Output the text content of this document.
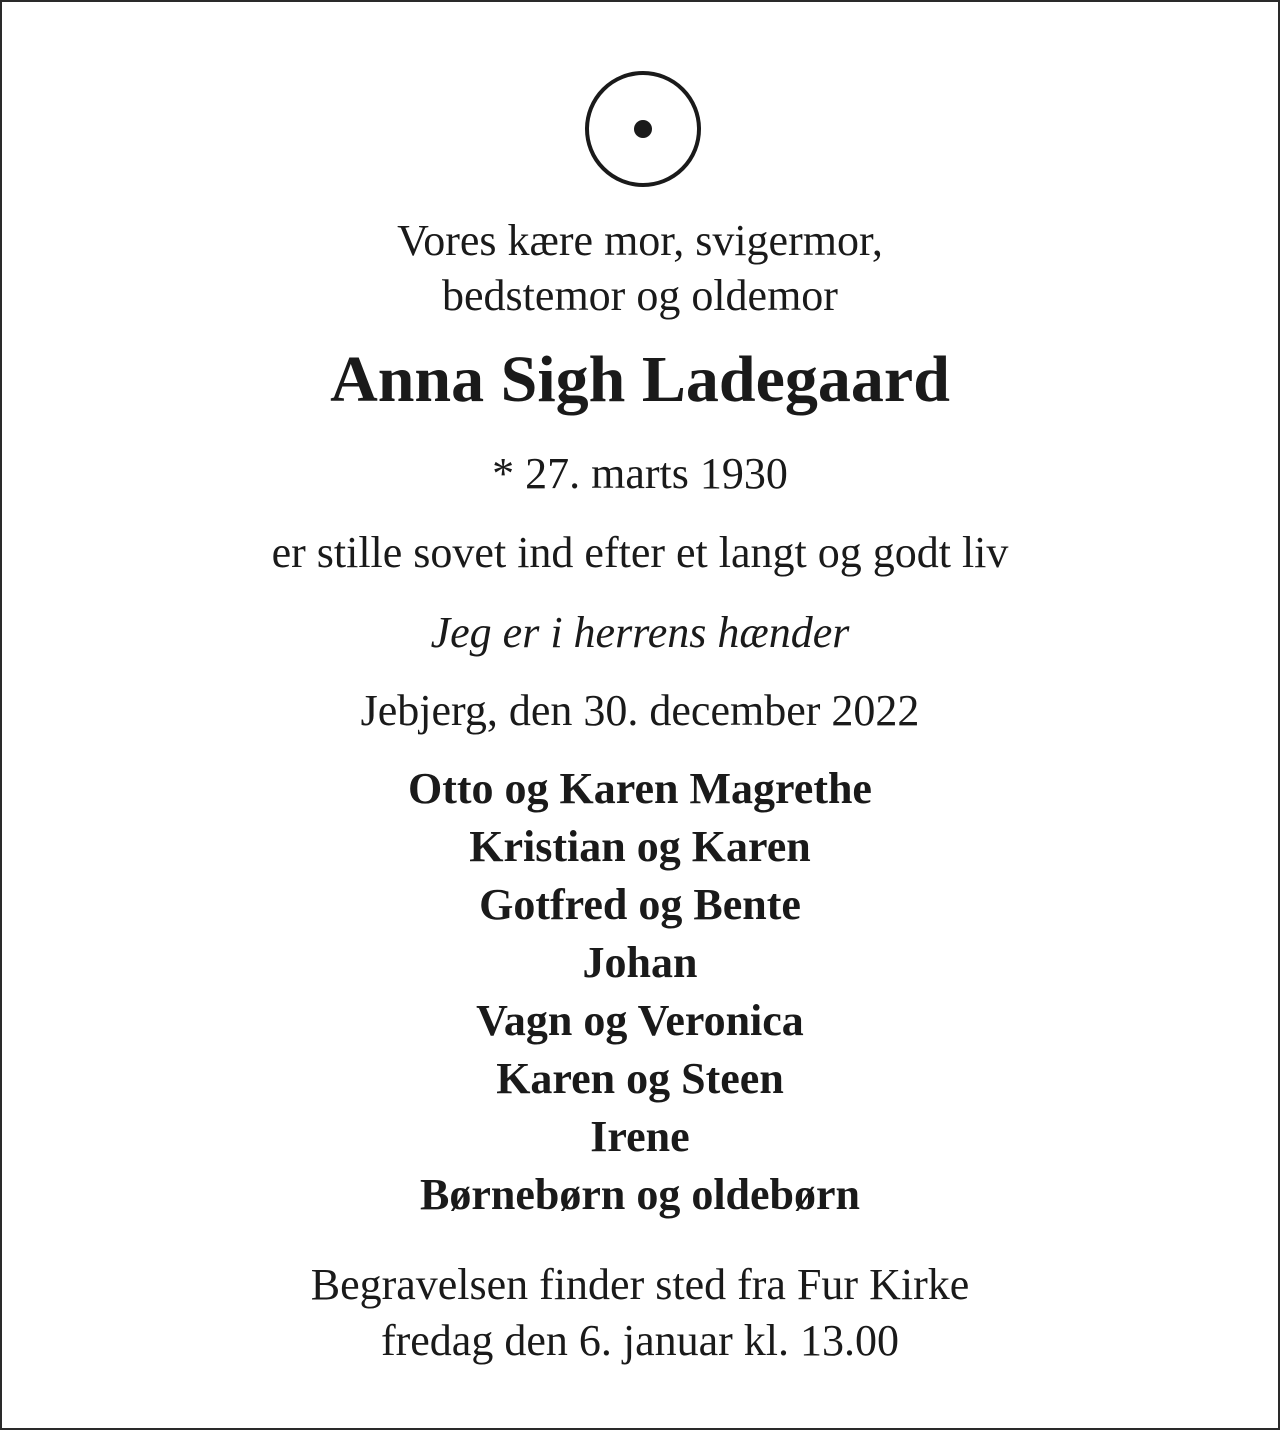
Vores kære mor, svigermor,
bedstemor og oldemor
Anna Sigh Ladegaard
* 27. marts 1930
er stille sovet ind efter et langt og godt liv
Jeg er i herrens hænder
Jebjerg, den 30. december 2022
Otto og Karen Magrethe
Kristian og Karen
Gotfred og Bente
Johan
Vagn og Veronica
Karen og Steen
Irene
Børnebørn og oldebørn
Begravelsen finder sted fra Fur Kirke
fredag den 6. januar kl. 13.00
